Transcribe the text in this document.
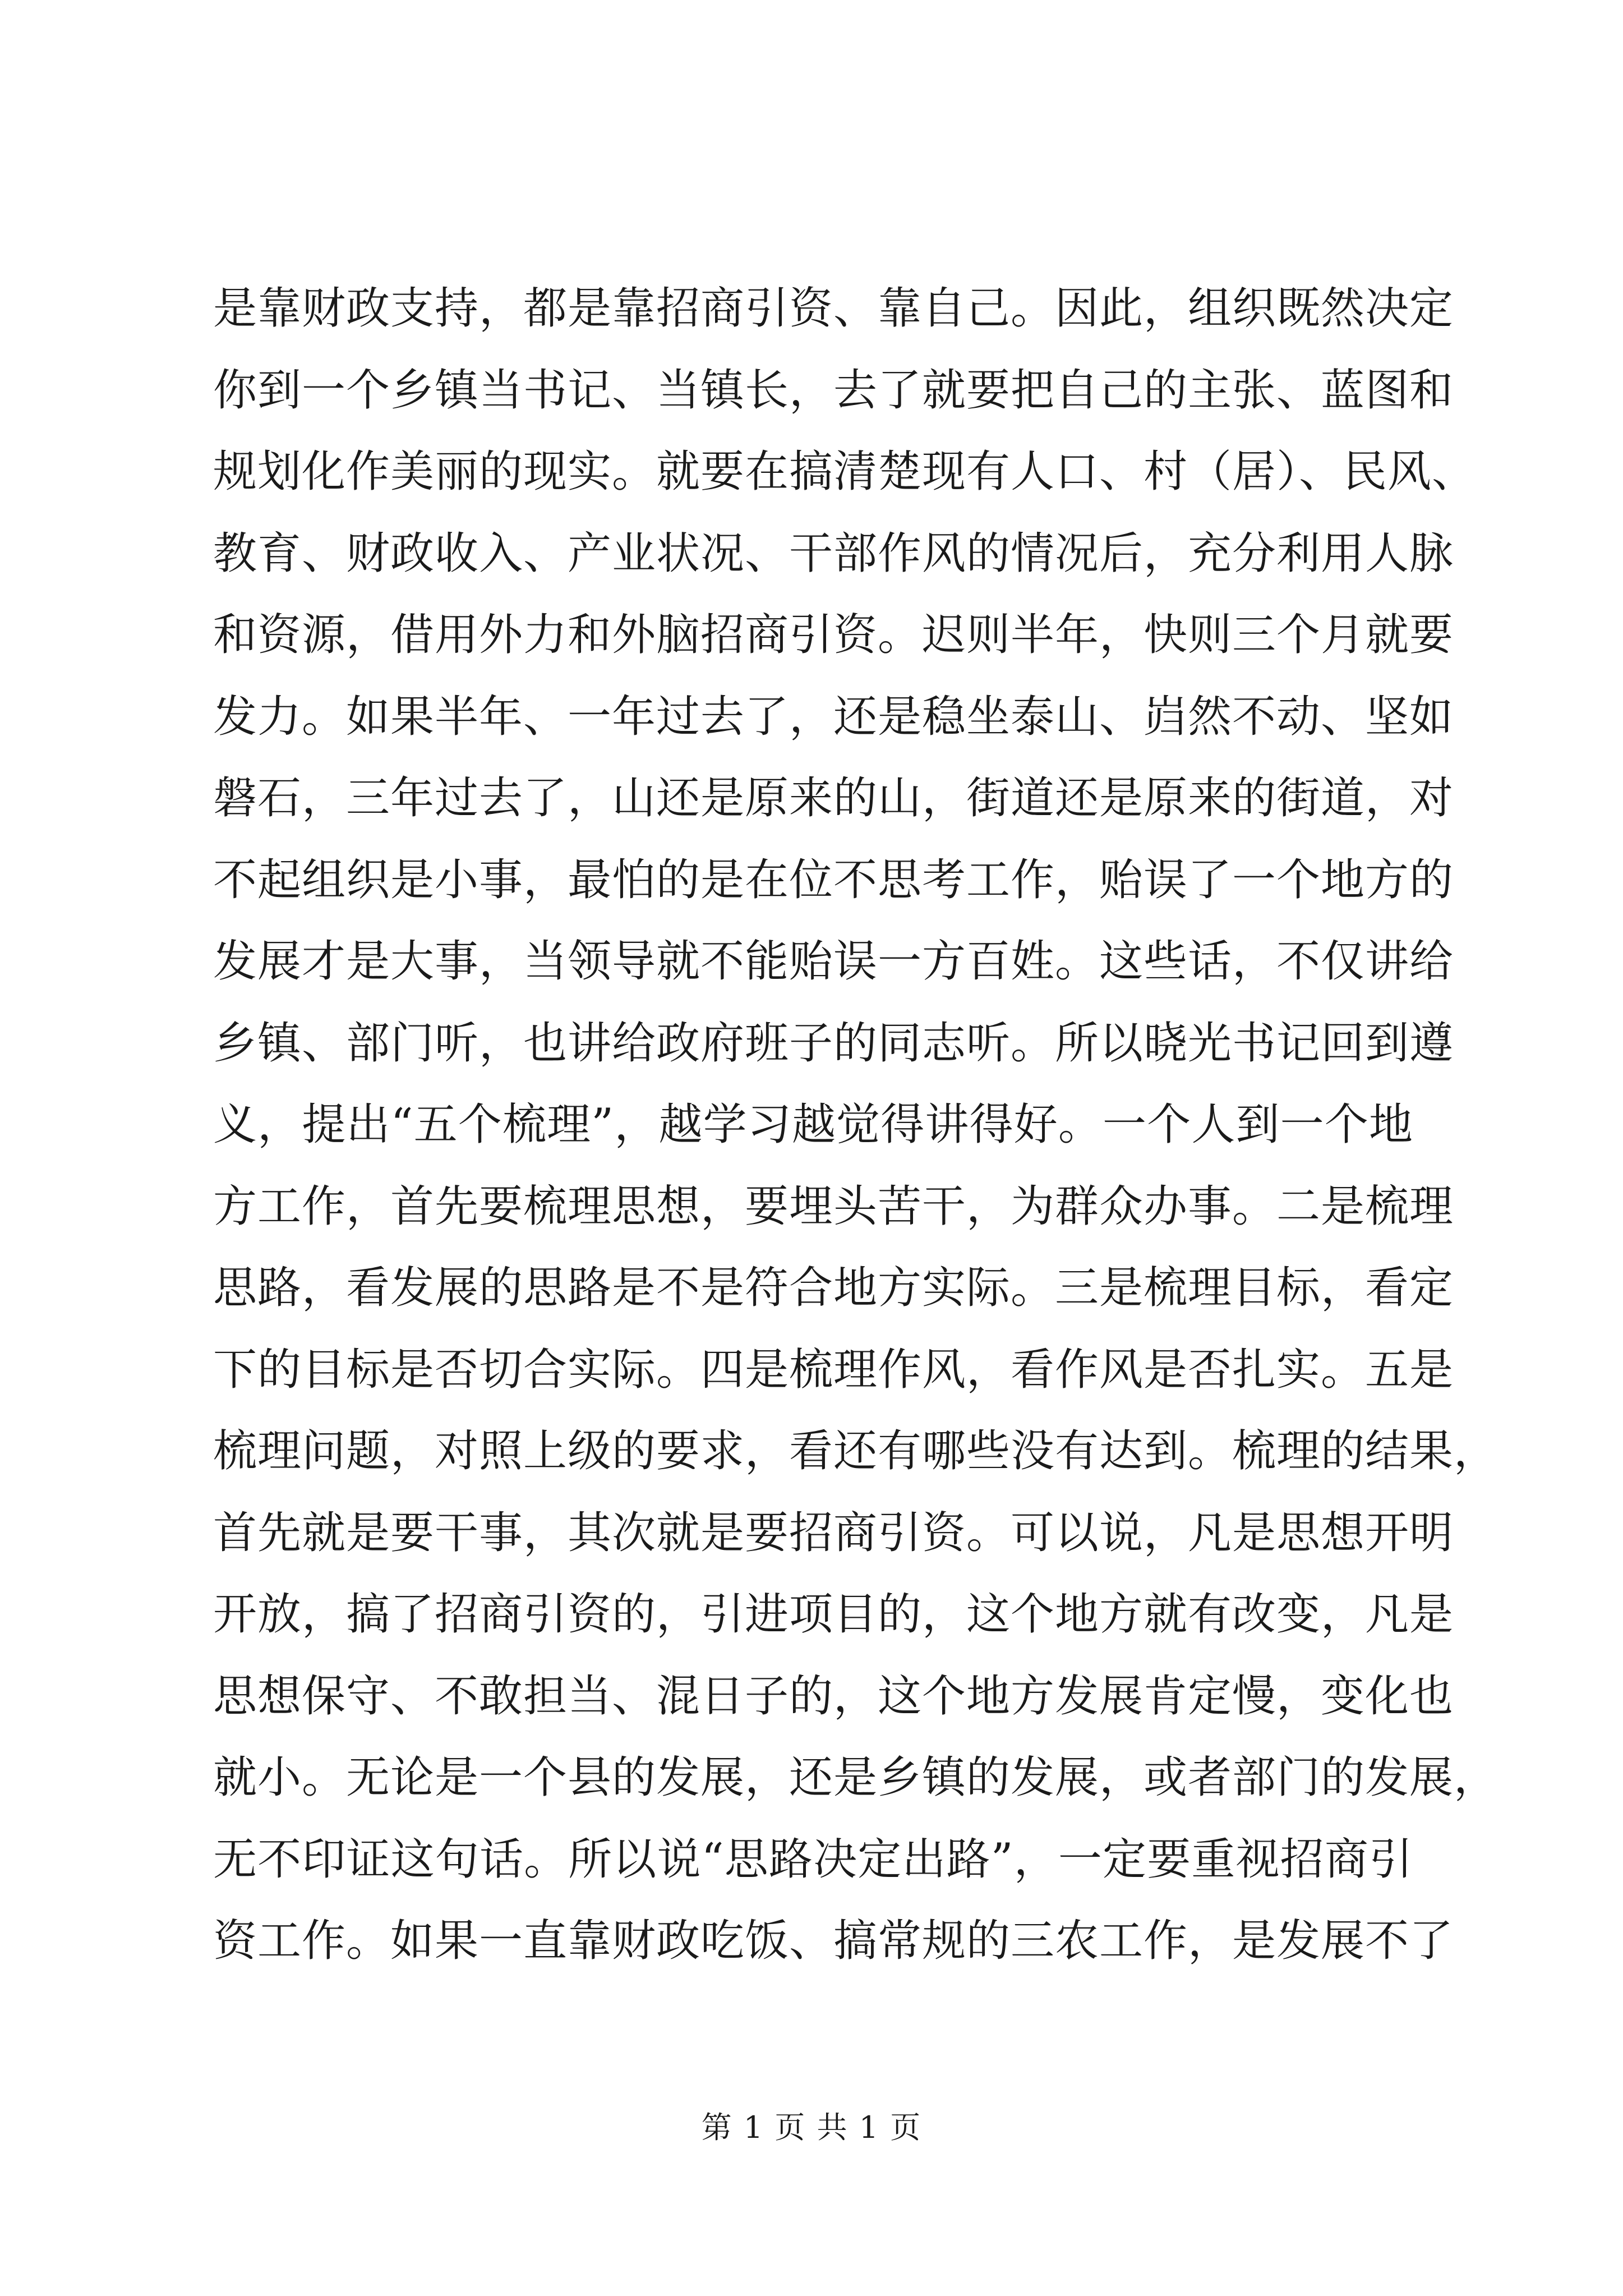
是靠财政支持，都是靠招商引资、靠自己。因此，组织既然决定
你到一个乡镇当书记、当镇长，去了就要把自己的主张、蓝图和
规划化作美丽的现实。就要在搞清楚现有人口、村（居）、民风、
教育、财政收入、产业状况、干部作风的情况后，充分利用人脉
和资源，借用外力和外脑招商引资。迟则半年，快则三个月就要
发力。如果半年、一年过去了，还是稳坐泰山、岿然不动、坚如
磐石，三年过去了，山还是原来的山，街道还是原来的街道，对
不起组织是小事，最怕的是在位不思考工作，贻误了一个地方的
发展才是大事，当领导就不能贻误一方百姓。这些话，不仅讲给
乡镇、部门听，也讲给政府班子的同志听。所以晓光书记回到遵
义，提出“五个梳理”，越学习越觉得讲得好。一个人到一个地
方工作，首先要梳理思想，要埋头苦干，为群众办事。二是梳理
思路，看发展的思路是不是符合地方实际。三是梳理目标，看定
下的目标是否切合实际。四是梳理作风，看作风是否扎实。五是
梳理问题，对照上级的要求，看还有哪些没有达到。梳理的结果，
首先就是要干事，其次就是要招商引资。可以说，凡是思想开明
开放，搞了招商引资的，引进项目的，这个地方就有改变，凡是
思想保守、不敢担当、混日子的，这个地方发展肯定慢，变化也
就小。无论是一个县的发展，还是乡镇的发展，或者部门的发展，
无不印证这句话。所以说“思路决定出路”，一定要重视招商引
资工作。如果一直靠财政吃饭、搞常规的三农工作，是发展不了
第 1 页 共 1 页
